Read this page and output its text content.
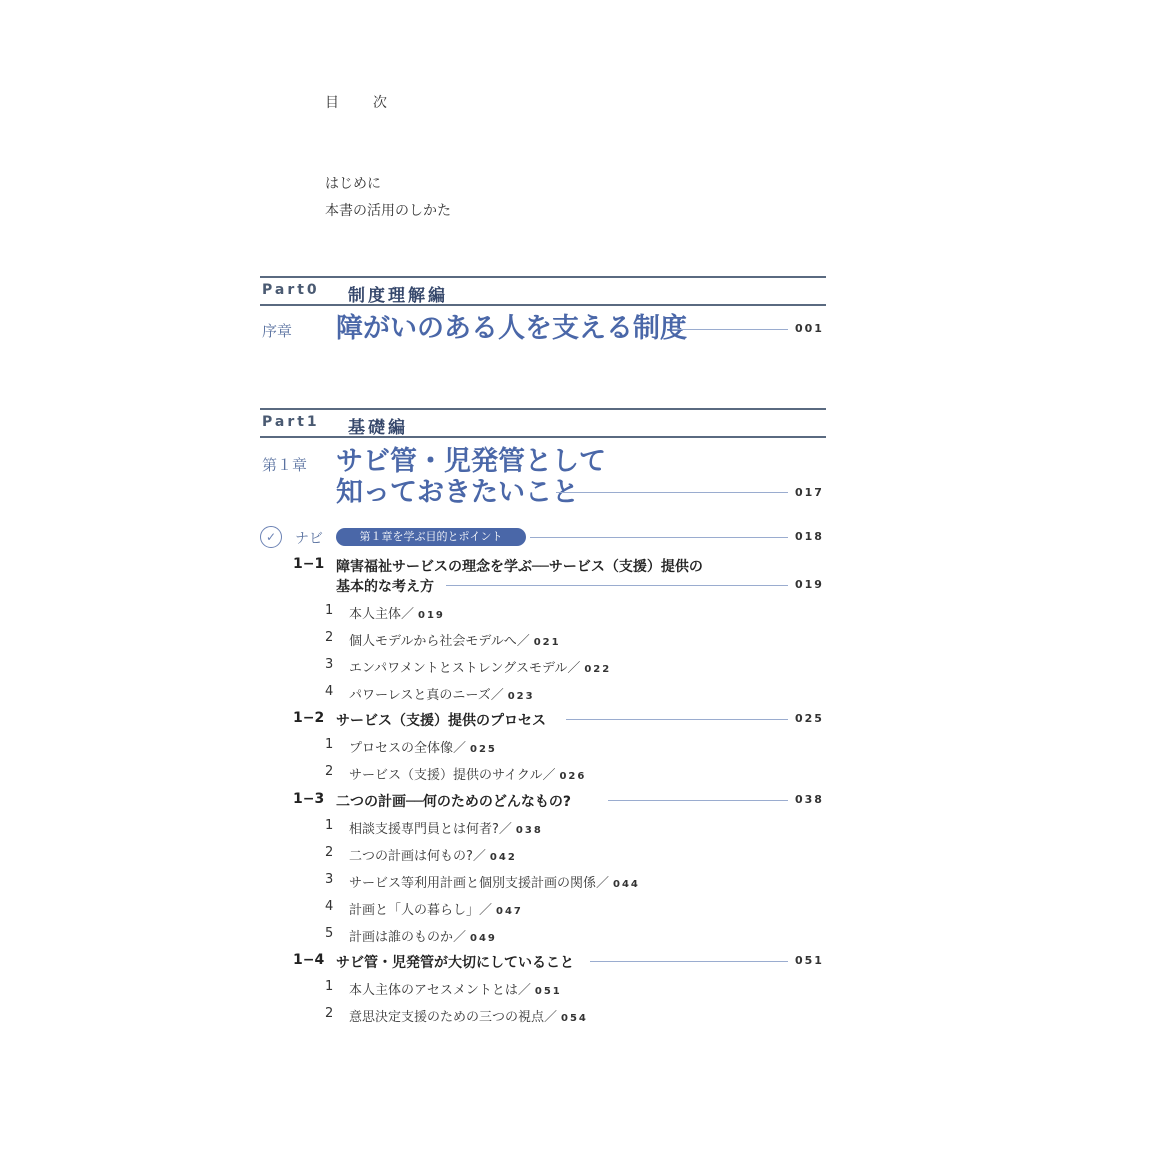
目　次
はじめに
本書の活用のしかた
Part0 制度理解編
序章 障がいのある人を支える制度	001
Part1 基礎編
第１章 サビ管・児発管として
知っておきたいこと	017
✓	ナビ	第１章を学ぶ目的とポイント	018
1−1 障害福祉サービスの理念を学ぶ──サービス（支援）提供の
基本的な考え方	019
1 本人主体／ 019
2 個人モデルから社会モデルへ／ 021
3 エンパワメントとストレングスモデル／ 022
4 パワーレスと真のニーズ／ 023
1−2 サービス（支援）提供のプロセス	025
1 プロセスの全体像／ 025
2 サービス（支援）提供のサイクル／ 026
1−3 二つの計画──何のためのどんなもの?	038
1 相談支援専門員とは何者?／ 038
2 二つの計画は何もの?／ 042
3 サービス等利用計画と個別支援計画の関係／ 044
4 計画と「人の暮らし」／ 047
5 計画は誰のものか／ 049
1−4 サビ管・児発管が大切にしていること	051
1 本人主体のアセスメントとは／ 051
2 意思決定支援のための三つの視点／ 054
